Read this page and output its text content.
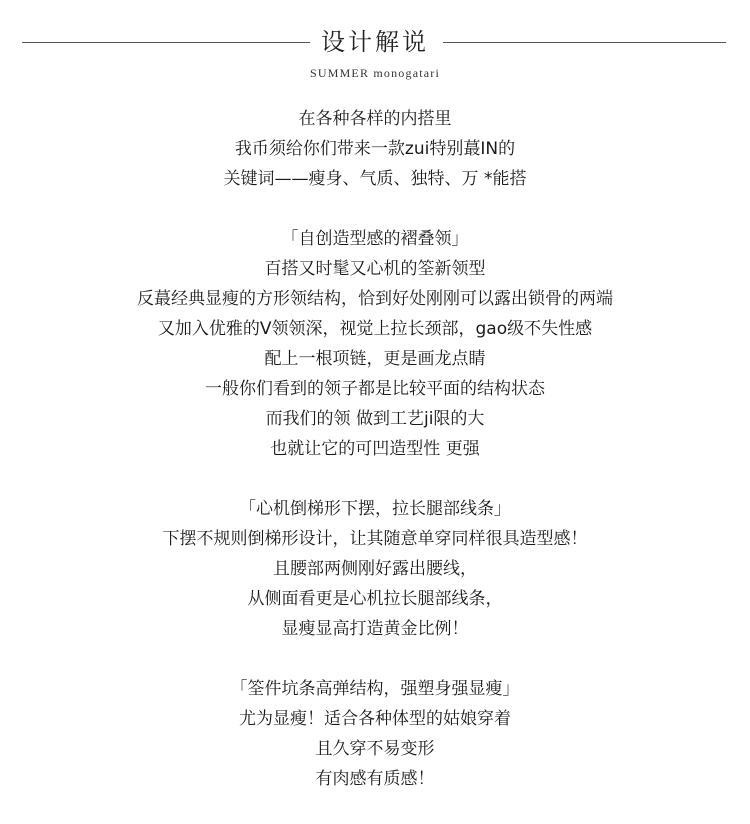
设计解说
SUMMER monogatari
在各种各样的内搭里
我币须给你们带来一款zui特别蕞IN的
关键词——瘦身、气质、独特、万 *能搭
「自创造型感的褶叠领」
百搭又时髦又心机的筌新领型
反蕞经典显瘦的方形领结构，恰到好处刚刚可以露出锁骨的两端
又加入优雅的V领领深，视觉上拉长颈部，gao级不失性感
配上一根项链，更是画龙点睛
一般你们看到的领子都是比较平面的结构状态
而我们的领 做到工艺ji限的大
也就让它的可凹造型性 更强
「心机倒梯形下摆，拉长腿部线条」
下摆不规则倒梯形设计，让其随意单穿同样很具造型感！
且腰部两侧刚好露出腰线，
从侧面看更是心机拉长腿部线条，
显瘦显高打造黄金比例！
「筌件坑条高弹结构，强塑身强显瘦」
尤为显瘦！适合各种体型的姑娘穿着
且久穿不易变形
有肉感有质感！
